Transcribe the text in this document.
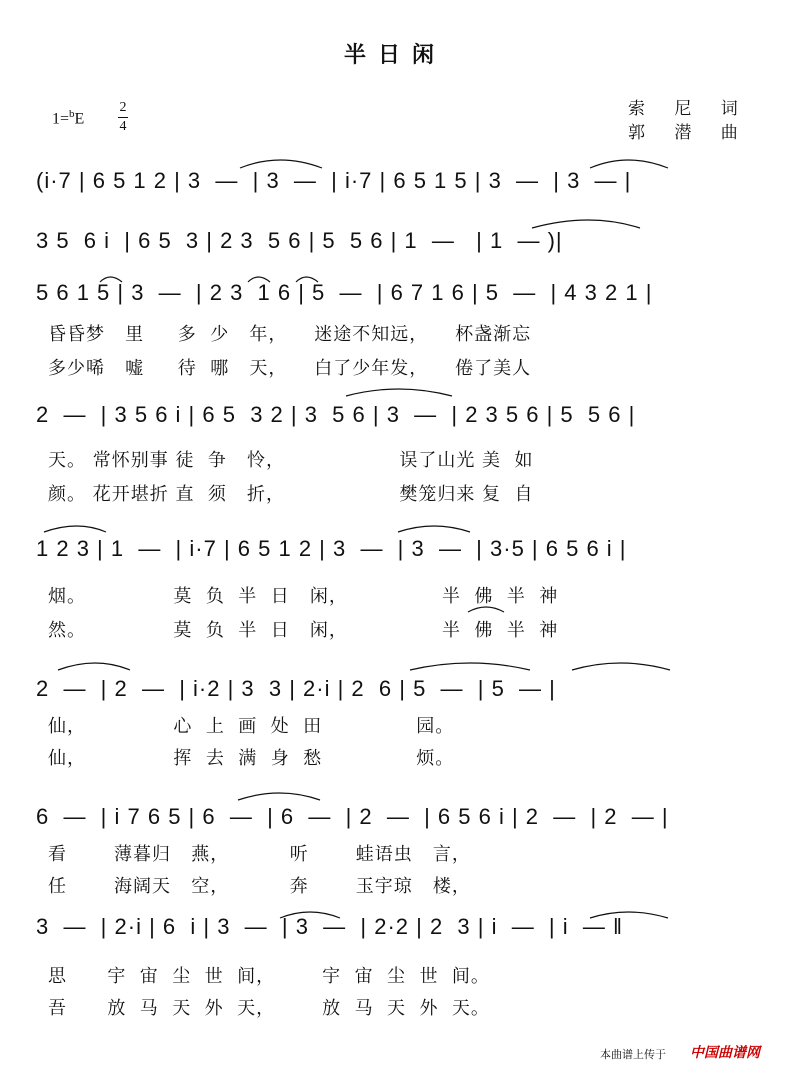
半日闲
1=$^b$E
2
4
索 尼 词
郭 潜 曲
(i·7 | 6 5 1 2 | 3  —  | 3  —  | i·7 | 6 5 1 5 | 3  —  | 3  — |
3 5  6 i  | 6 5  3 | 2 3  5 6 | 5  5 6 | 1  —   | 1  — )|
5 6 1 5 | 3  —  | 2 3  1 6 | 5  —  | 6 7 1 6 | 5  —  | 4 3 2 1 |
昏昏梦   里     多  少   年，    迷途不知远，    杯盏渐忘
多少唏   嘘     待  哪   天，    白了少年发，    倦了美人
2  —  | 3 5 6 i | 6 5  3 2 | 3  5 6 | 3  —  | 2 3 5 6 | 5  5 6 |
天。 常怀别事 徒  争   怜，                 误了山光 美  如
颜。 花开堪折 直  须   折，                 樊笼归来 复  自
1 2 3 | 1  —  | i·7 | 6 5 1 2 | 3  —  | 3  —  | 3·5 | 6 5 6 i |
烟。             莫  负  半  日   闲，              半  佛  半  神
然。             莫  负  半  日   闲，              半  佛  半  神
2  —  | 2  —  | i·2 | 3  3 | 2·i | 2  6 | 5  —  | 5  — |
仙，             心  上  画  处  田              园。
仙，             挥  去  满  身  愁              烦。
6  —  | i 7 6 5 | 6  —  | 6  —  | 2  —  | 6 5 6 i | 2  —  | 2  — |
看       薄暮归   燕，         听       蛙语虫   言，
任       海阔天   空，         奔       玉宇琼   楼，
3  —  | 2·i | 6  i | 3  —  | 3  —  | 2·2 | 2  3 | i  —  | i  — ‖
思      宇  宙  尘  世  间，       宇  宙  尘  世  间。
吾      放  马  天  外  天，       放  马  天  外  天。
本曲谱上传于 中国曲谱网
